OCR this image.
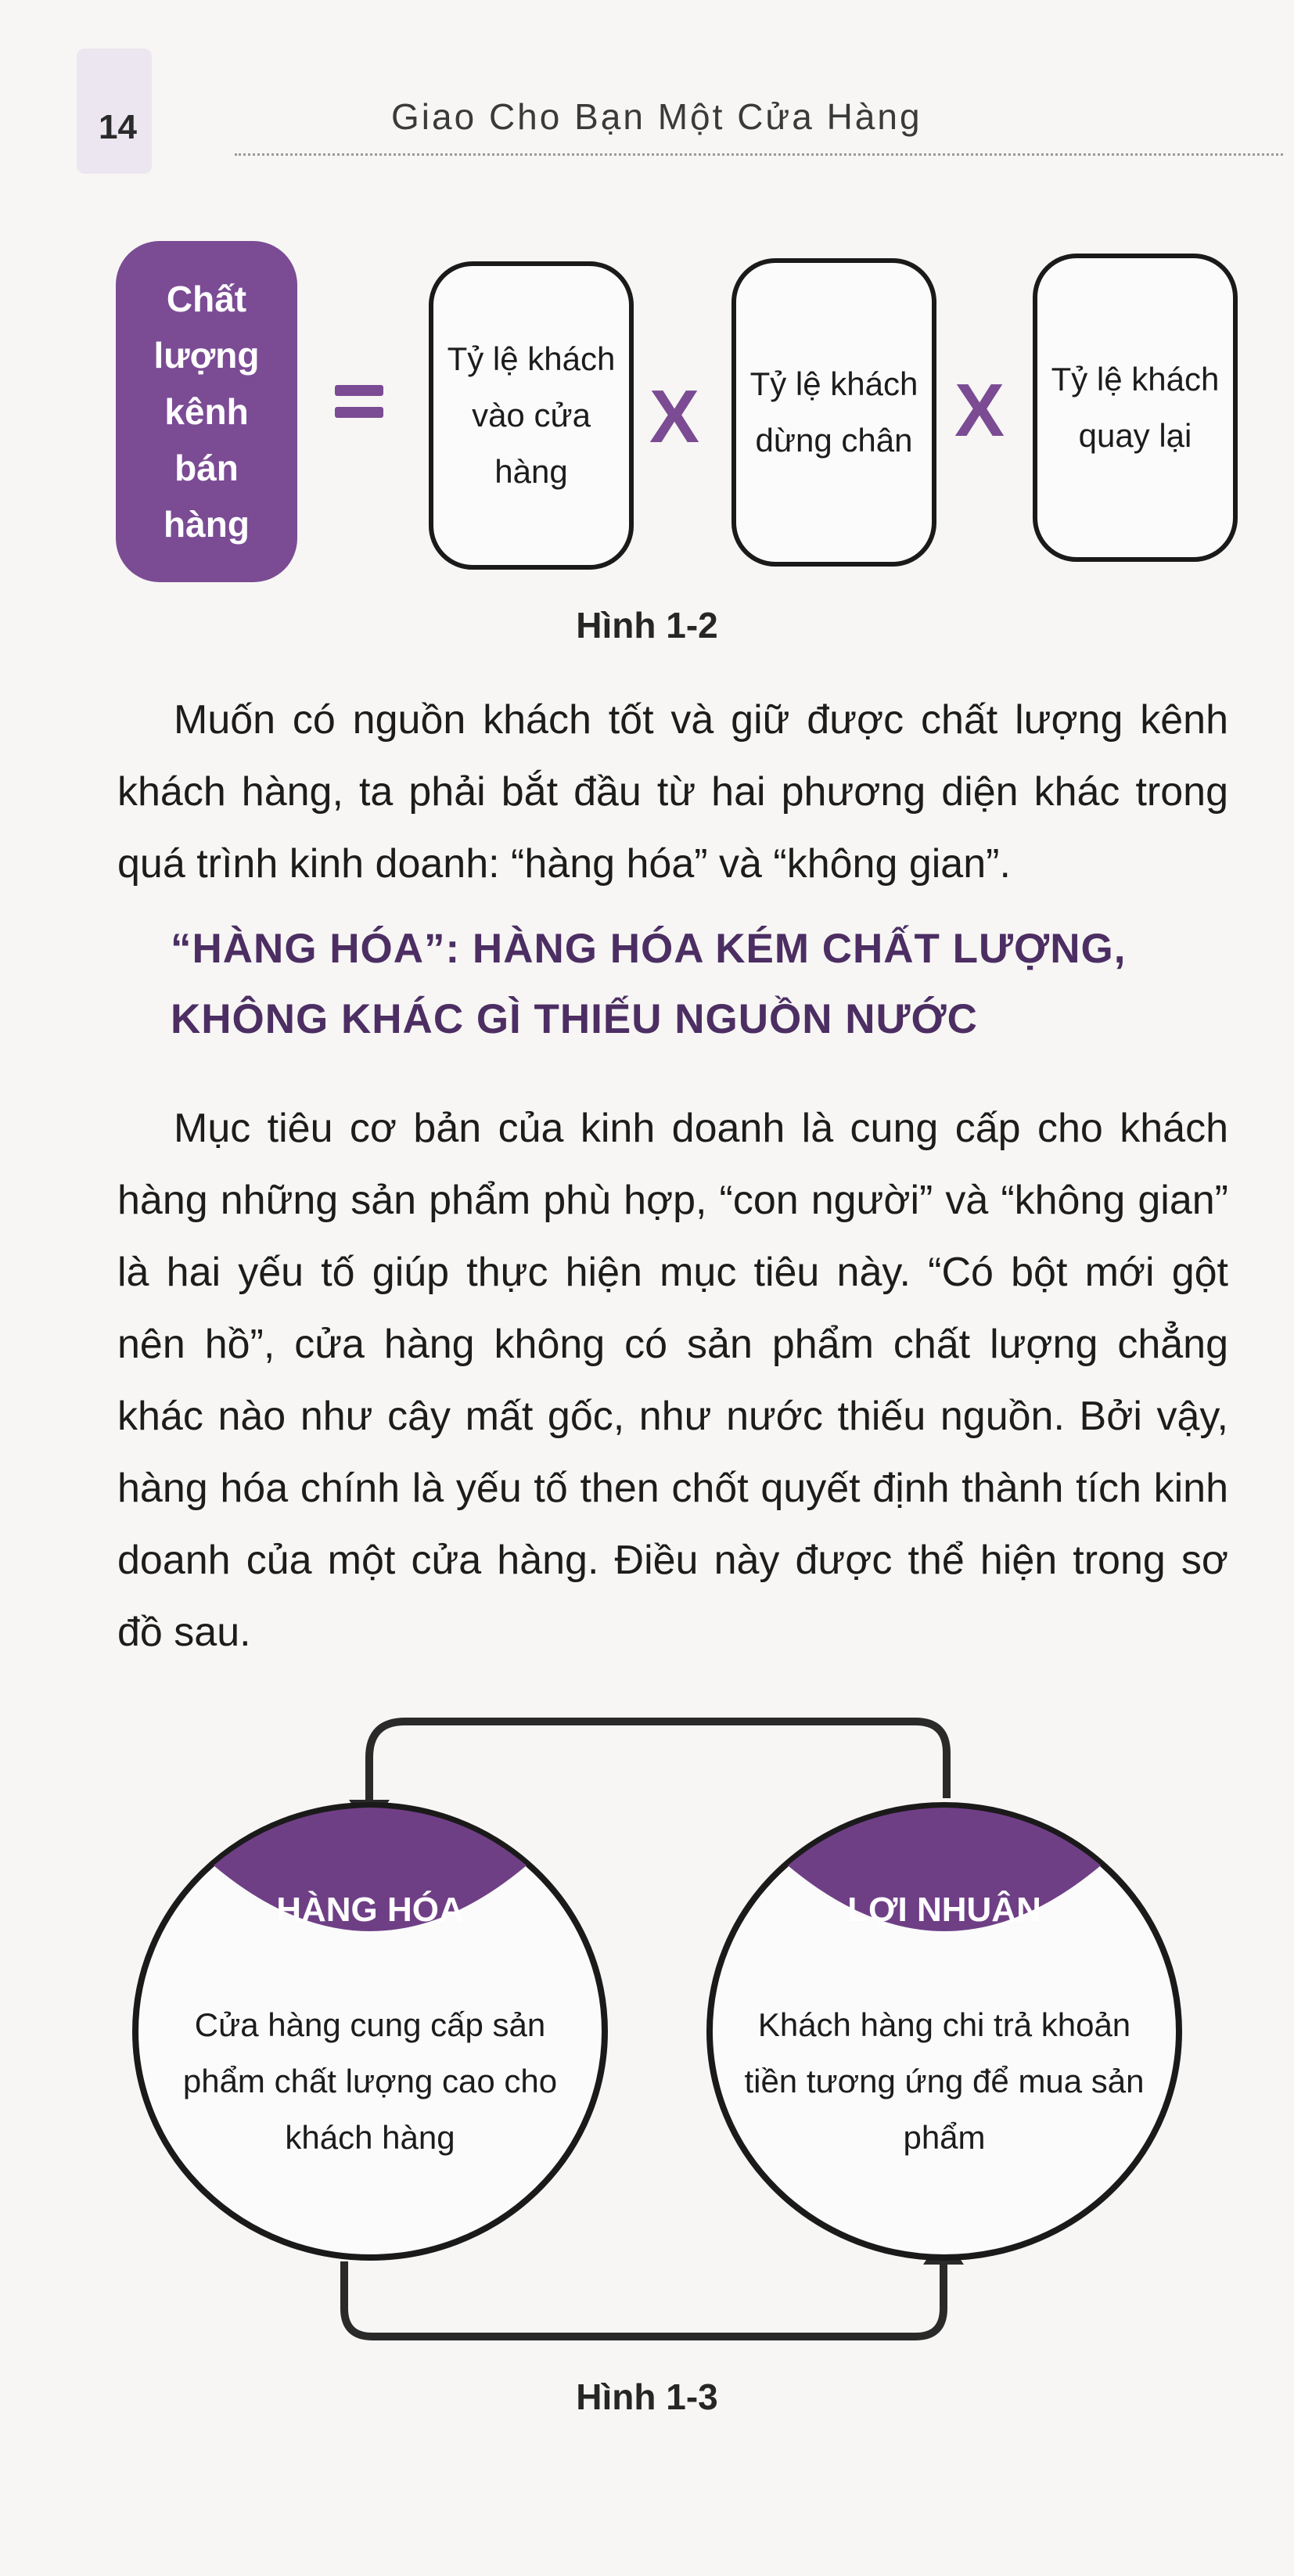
14	Giao Cho Bạn Một Cửa Hàng
Chất lượng kênh bán hàng
Tỷ lệ khách vào cửa hàng
X Tỷ lệ khách dừng chân X Tỷ lệ khách quay lại
Hình 1-2
Muốn có nguồn khách tốt và giữ được chất lượng kênh khách hàng, ta phải bắt đầu từ hai phương diện khác trong quá trình kinh doanh: “hàng hóa” và “không gian”.
“HÀNG HÓA”: HÀNG HÓA KÉM CHẤT LƯỢNG,
KHÔNG KHÁC GÌ THIẾU NGUỒN NƯỚC
Mục tiêu cơ bản của kinh doanh là cung cấp cho khách hàng những sản phẩm phù hợp, “con người” và “không gian” là hai yếu tố giúp thực hiện mục tiêu này. “Có bột mới gột nên hồ”, cửa hàng không có sản phẩm chất lượng chẳng khác nào như cây mất gốc, như nước thiếu nguồn. Bởi vậy, hàng hóa chính là yếu tố then chốt quyết định thành tích kinh doanh của một cửa hàng. Điều này được thể hiện trong sơ đồ sau.
HÀNG HÓA
Cửa hàng cung cấp sản phẩm chất lượng cao cho khách hàng
LỢI NHUẬN
Khách hàng chi trả khoản tiền tương ứng để mua sản phẩm
Hình 1-3
